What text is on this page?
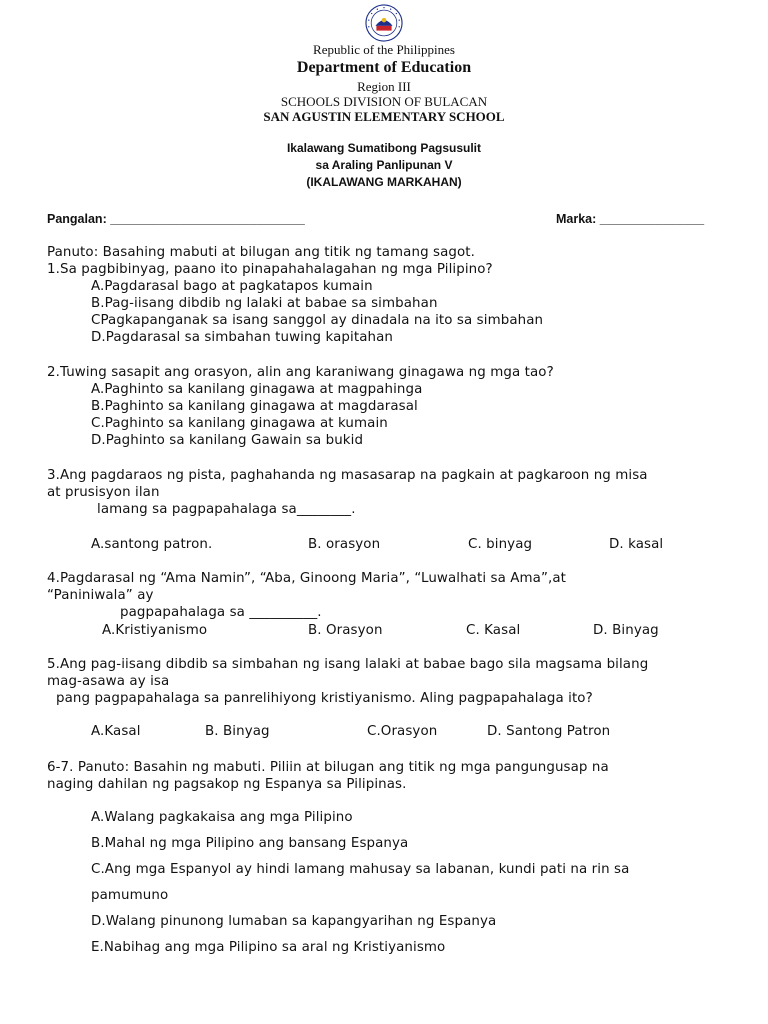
Republic of the Philippines
Department of Education
Region III
SCHOOLS DIVISION OF BULACAN
SAN AGUSTIN ELEMENTARY SCHOOL
Ikalawang Sumatibong Pagsusulit
sa Araling Panlipunan V
(IKALAWANG MARKAHAN)
Pangalan: ____________________________	Marka: _______________
Panuto: Basahing mabuti at bilugan ang titik ng tamang sagot.
1.Sa pagbibinyag, paano ito pinapahahalagahan ng mga Pilipino?
A.Pagdarasal bago at pagkatapos kumain
B.Pag-iisang dibdib ng lalaki at babae sa simbahan
CPagkapanganak sa isang sanggol ay dinadala na ito sa simbahan
D.Pagdarasal sa simbahan tuwing kapitahan
2.Tuwing sasapit ang orasyon, alin ang karaniwang ginagawa ng mga tao?
A.Paghinto sa kanilang ginagawa at magpahinga
B.Paghinto sa kanilang ginagawa at magdarasal
C.Paghinto sa kanilang ginagawa at kumain
D.Paghinto sa kanilang Gawain sa bukid
3.Ang pagdaraos ng pista, paghahanda ng masasarap na pagkain at pagkaroon ng misa
at prusisyon ilan
lamang sa pagpapahalaga sa________.
A.santong patron.	B. orasyon	C. binyag	D. kasal
4.Pagdarasal ng “Ama Namin”, “Aba, Ginoong Maria”, “Luwalhati sa Ama”,at
“Paniniwala” ay
pagpapahalaga sa __________.
A.Kristiyanismo	B. Orasyon	C. Kasal	D. Binyag
5.Ang pag-iisang dibdib sa simbahan ng isang lalaki at babae bago sila magsama bilang
mag-asawa ay isa
pang pagpapahalaga sa panrelihiyong kristiyanismo. Aling pagpapahalaga ito?
A.Kasal	B. Binyag	C.Orasyon	D. Santong Patron
6-7. Panuto: Basahin ng mabuti. Piliin at bilugan ang titik ng mga pangungusap na
naging dahilan ng pagsakop ng Espanya sa Pilipinas.
A.Walang pagkakaisa ang mga Pilipino
B.Mahal ng mga Pilipino ang bansang Espanya
C.Ang mga Espanyol ay hindi lamang mahusay sa labanan, kundi pati na rin sa
pamumuno
D.Walang pinunong lumaban sa kapangyarihan ng Espanya
E.Nabihag ang mga Pilipino sa aral ng Kristiyanismo
